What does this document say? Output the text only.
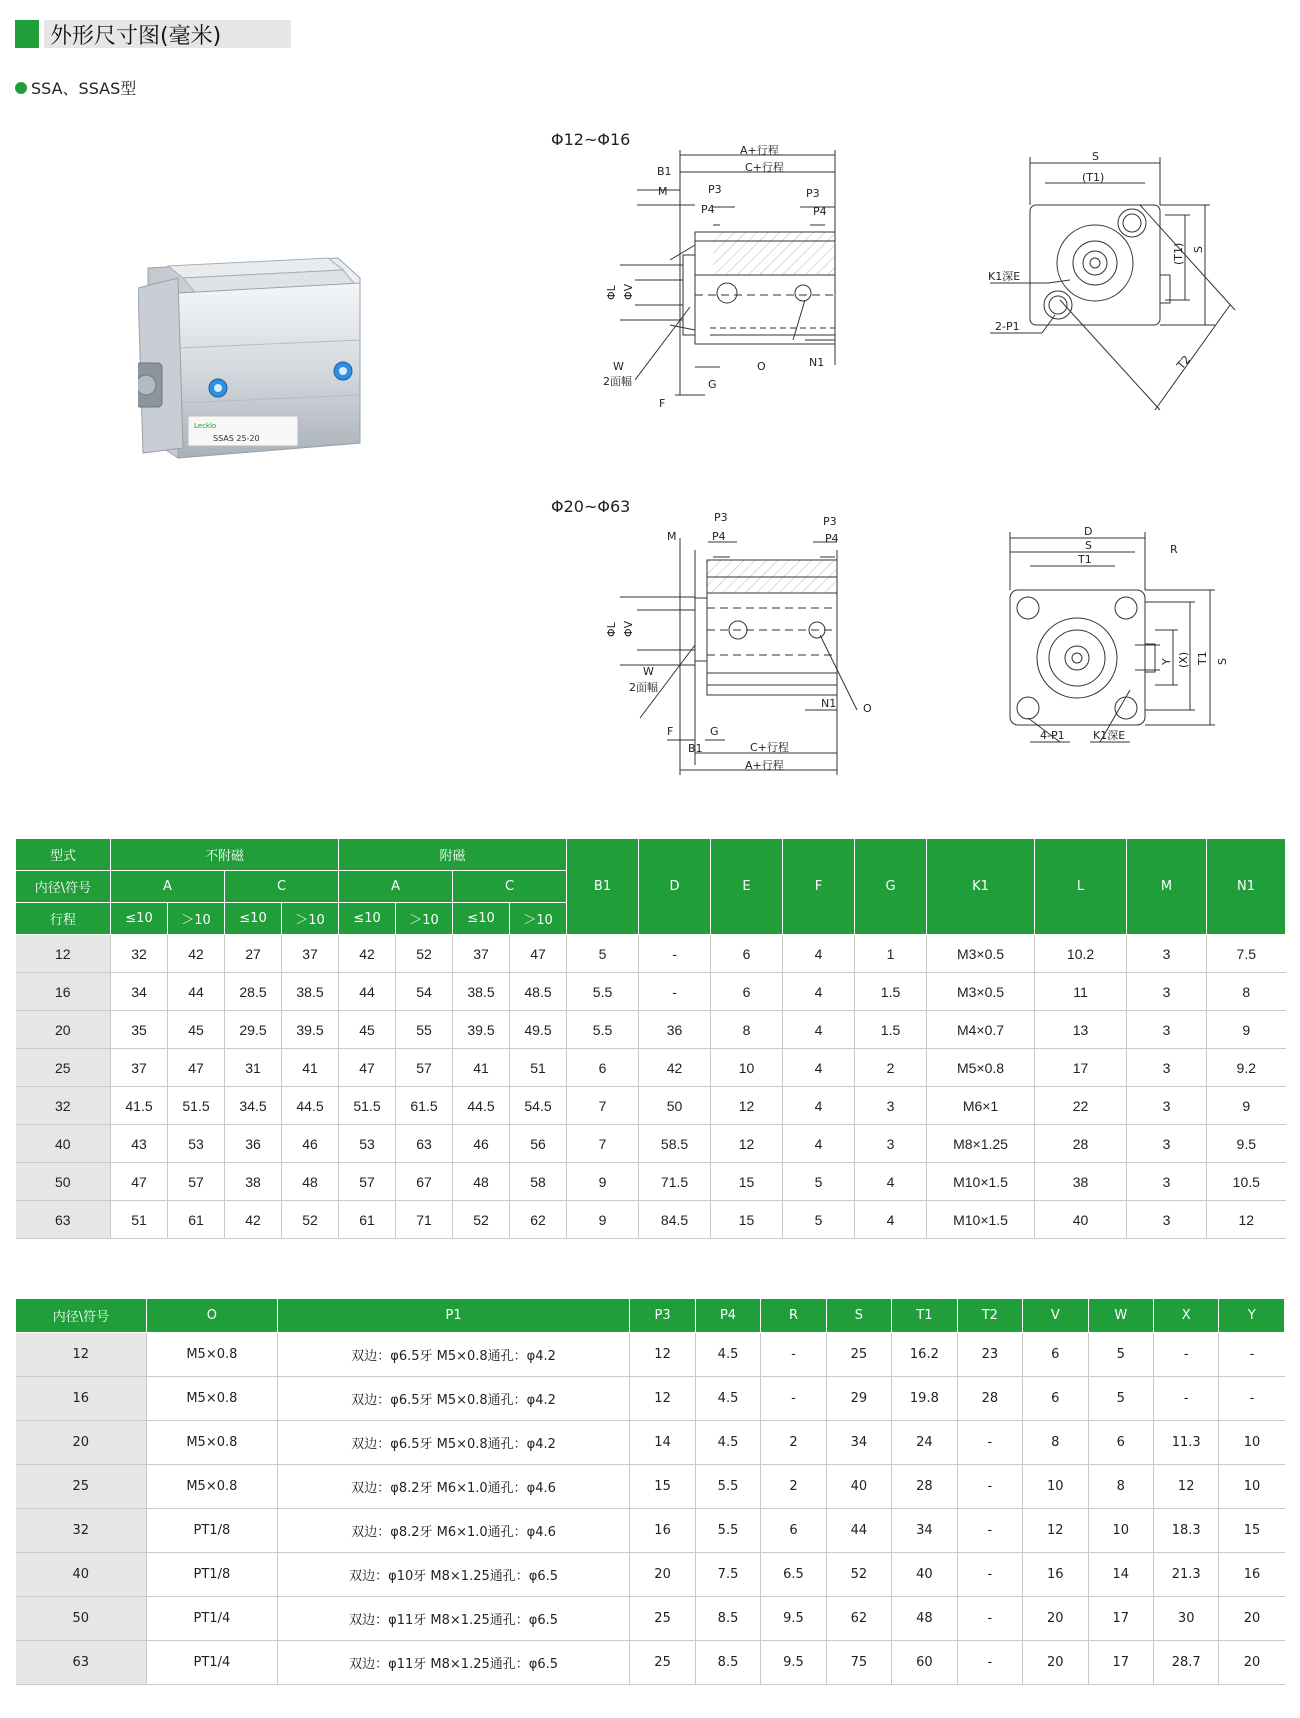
外形尺寸图(毫米)
SSA、SSAS型
Lecklo
SSAS 25-20
Φ12~Φ16
Φ20~Φ63
A+行程
C+行程
B1
M	P3	P3
P4	P4
ΦL ΦV
W
2面幅
F
G
O	N1
S
(T1)
(T1) S
T2
K1深E
2-P1
P3	P3
P4	P4
M
ΦL ΦV
W
2面幅
N1 O
F	G
B1	C+行程
A+行程
D
S
T1
R
Y (X) T1 S
4-P1	K1深E
型式	不附磁				附磁				B1	D	E	F	G	K1	L	M	N1
内径\符号	A		C		A		C										
行程	≤10	＞10	≤10	＞10	≤10	＞10	≤10	＞10									
12	32	42	27	37	42	52	37	47	5	-	6	4	1	M3×0.5	10.2	3	7.5
16	34	44	28.5	38.5	44	54	38.5	48.5	5.5	-	6	4	1.5	M3×0.5	11	3	8
20	35	45	29.5	39.5	45	55	39.5	49.5	5.5	36	8	4	1.5	M4×0.7	13	3	9
25	37	47	31	41	47	57	41	51	6	42	10	4	2	M5×0.8	17	3	9.2
32	41.5	51.5	34.5	44.5	51.5	61.5	44.5	54.5	7	50	12	4	3	M6×1	22	3	9
40	43	53	36	46	53	63	46	56	7	58.5	12	4	3	M8×1.25	28	3	9.5
50	47	57	38	48	57	67	48	58	9	71.5	15	5	4	M10×1.5	38	3	10.5
63	51	61	42	52	61	71	52	62	9	84.5	15	5	4	M10×1.5	40	3	12
内径\符号	O	P1	P3	P4	R	S	T1	T2	V	W	X	Y
12	M5×0.8	双边：φ6.5牙 M5×0.8通孔：φ4.2	12	4.5	-	25	16.2	23	6	5	-	-
16	M5×0.8	双边：φ6.5牙 M5×0.8通孔：φ4.2	12	4.5	-	29	19.8	28	6	5	-	-
20	M5×0.8	双边：φ6.5牙 M5×0.8通孔：φ4.2	14	4.5	2	34	24	-	8	6	11.3	10
25	M5×0.8	双边：φ8.2牙 M6×1.0通孔：φ4.6	15	5.5	2	40	28	-	10	8	12	10
32	PT1/8	双边：φ8.2牙 M6×1.0通孔：φ4.6	16	5.5	6	44	34	-	12	10	18.3	15
40	PT1/8	双边：φ10牙 M8×1.25通孔：φ6.5	20	7.5	6.5	52	40	-	16	14	21.3	16
50	PT1/4	双边：φ11牙 M8×1.25通孔：φ6.5	25	8.5	9.5	62	48	-	20	17	30	20
63	PT1/4	双边：φ11牙 M8×1.25通孔：φ6.5	25	8.5	9.5	75	60	-	20	17	28.7	20
